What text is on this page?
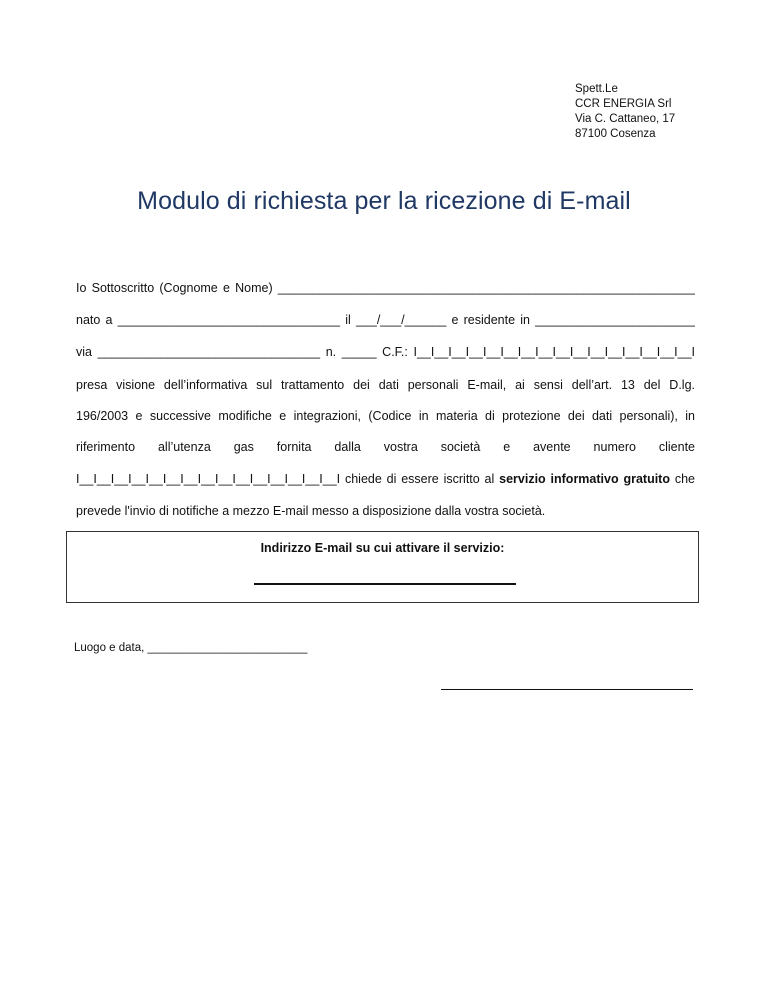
Spett.Le
CCR ENERGIA Srl
Via C. Cattaneo, 17
87100 Cosenza
Modulo di richiesta per la ricezione di E-mail
Io Sottoscritto (Cognome e Nome) ____________________________________________________________
nato a ________________________________ il ___/___/______ e residente in _______________________
via ________________________________ n. _____ C.F.: I__I__I__I__I__I__I__I__I__I__I__I__I__I__I__I__I
presa visione dell’informativa sul trattamento dei dati personali E-mail, ai sensi dell’art. 13 del D.lg.
196/2003 e successive modifiche e integrazioni, (Codice in materia di protezione dei dati personali), in
riferimento all’utenza gas fornita dalla vostra società e avente numero cliente
I__I__I__I__I__I__I__I__I__I__I__I__I__I__I__I chiede di essere iscritto al servizio informativo gratuito che
prevede l'invio di notifiche a mezzo E-mail messo a disposizione dalla vostra società.
Indirizzo E-mail su cui attivare il servizio:
Luogo e data, _________________________
